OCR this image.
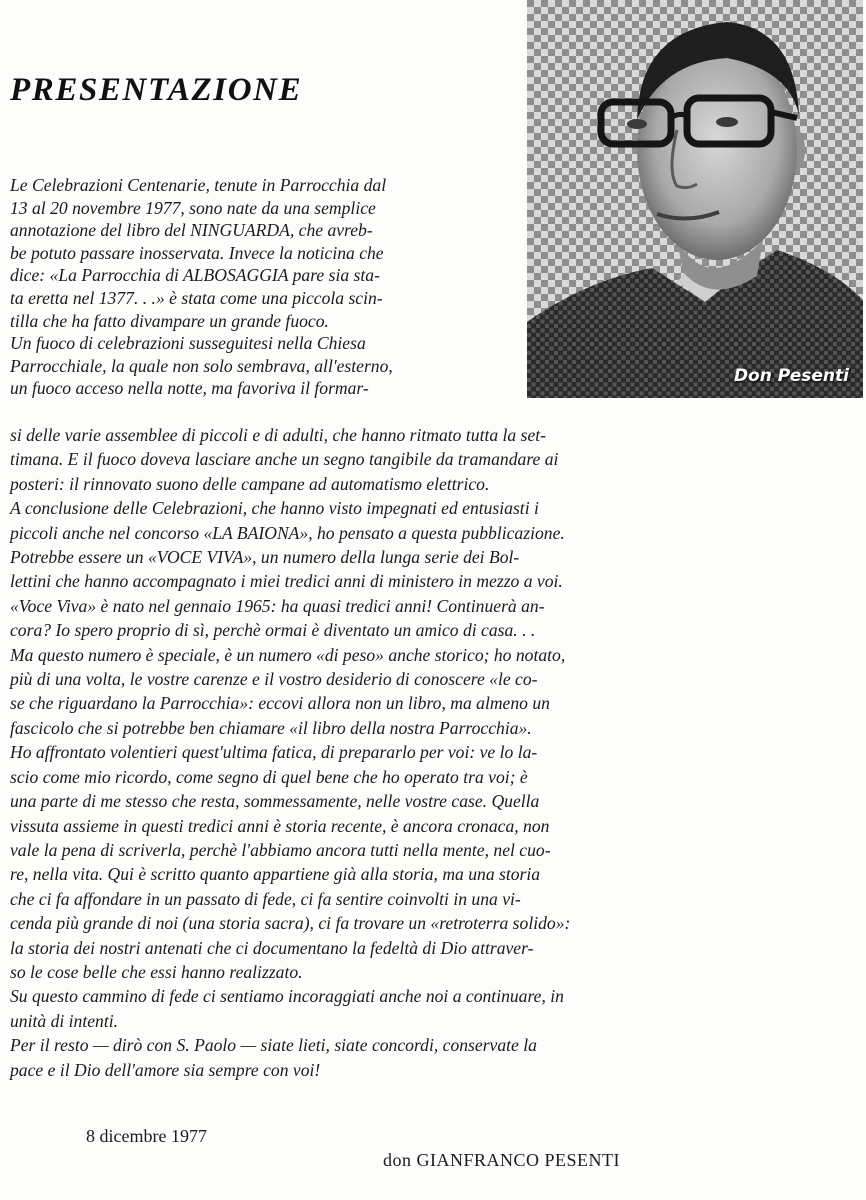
PRESENTAZIONE
Don Pesenti
Le Celebrazioni Centenarie, tenute in Parrocchia dal
13 al 20 novembre 1977, sono nate da una semplice
annotazione del libro del NINGUARDA, che avreb-
be potuto passare inosservata. Invece la noticina che
dice: «La Parrocchia di ALBOSAGGIA pare sia sta-
ta eretta nel 1377. . .» è stata come una piccola scin-
tilla che ha fatto divampare un grande fuoco.
Un fuoco di celebrazioni susseguitesi nella Chiesa
Parrocchiale, la quale non solo sembrava, all'esterno,
un fuoco acceso nella notte, ma favoriva il formar-
si delle varie assemblee di piccoli e di adulti, che hanno ritmato tutta la set-
timana. E il fuoco doveva lasciare anche un segno tangibile da tramandare ai
posteri: il rinnovato suono delle campane ad automatismo elettrico.
A conclusione delle Celebrazioni, che hanno visto impegnati ed entusiasti i
piccoli anche nel concorso «LA BAIONA», ho pensato a questa pubblicazione.
Potrebbe essere un «VOCE VIVA», un numero della lunga serie dei Bol-
lettini che hanno accompagnato i miei tredici anni di ministero in mezzo a voi.
«Voce Viva» è nato nel gennaio 1965: ha quasi tredici anni! Continuerà an-
cora? Io spero proprio di sì, perchè ormai è diventato un amico di casa. . .
Ma questo numero è speciale, è un numero «di peso» anche storico; ho notato,
più di una volta, le vostre carenze e il vostro desiderio di conoscere «le co-
se che riguardano la Parrocchia»: eccovi allora non un libro, ma almeno un
fascicolo che si potrebbe ben chiamare «il libro della nostra Parrocchia».
Ho affrontato volentieri quest'ultima fatica, di prepararlo per voi: ve lo la-
scio come mio ricordo, come segno di quel bene che ho operato tra voi; è
una parte di me stesso che resta, sommessamente, nelle vostre case. Quella
vissuta assieme in questi tredici anni è storia recente, è ancora cronaca, non
vale la pena di scriverla, perchè l'abbiamo ancora tutti nella mente, nel cuo-
re, nella vita. Qui è scritto quanto appartiene già alla storia, ma una storia
che ci fa affondare in un passato di fede, ci fa sentire coinvolti in una vi-
cenda più grande di noi (una storia sacra), ci fa trovare un «retroterra solido»:
la storia dei nostri antenati che ci documentano la fedeltà di Dio attraver-
so le cose belle che essi hanno realizzato.
Su questo cammino di fede ci sentiamo incoraggiati anche noi a continuare, in
unità di intenti.
Per il resto — dirò con S. Paolo — siate lieti, siate concordi, conservate la
pace e il Dio dell'amore sia sempre con voi!
8 dicembre 1977
don GIANFRANCO PESENTI
